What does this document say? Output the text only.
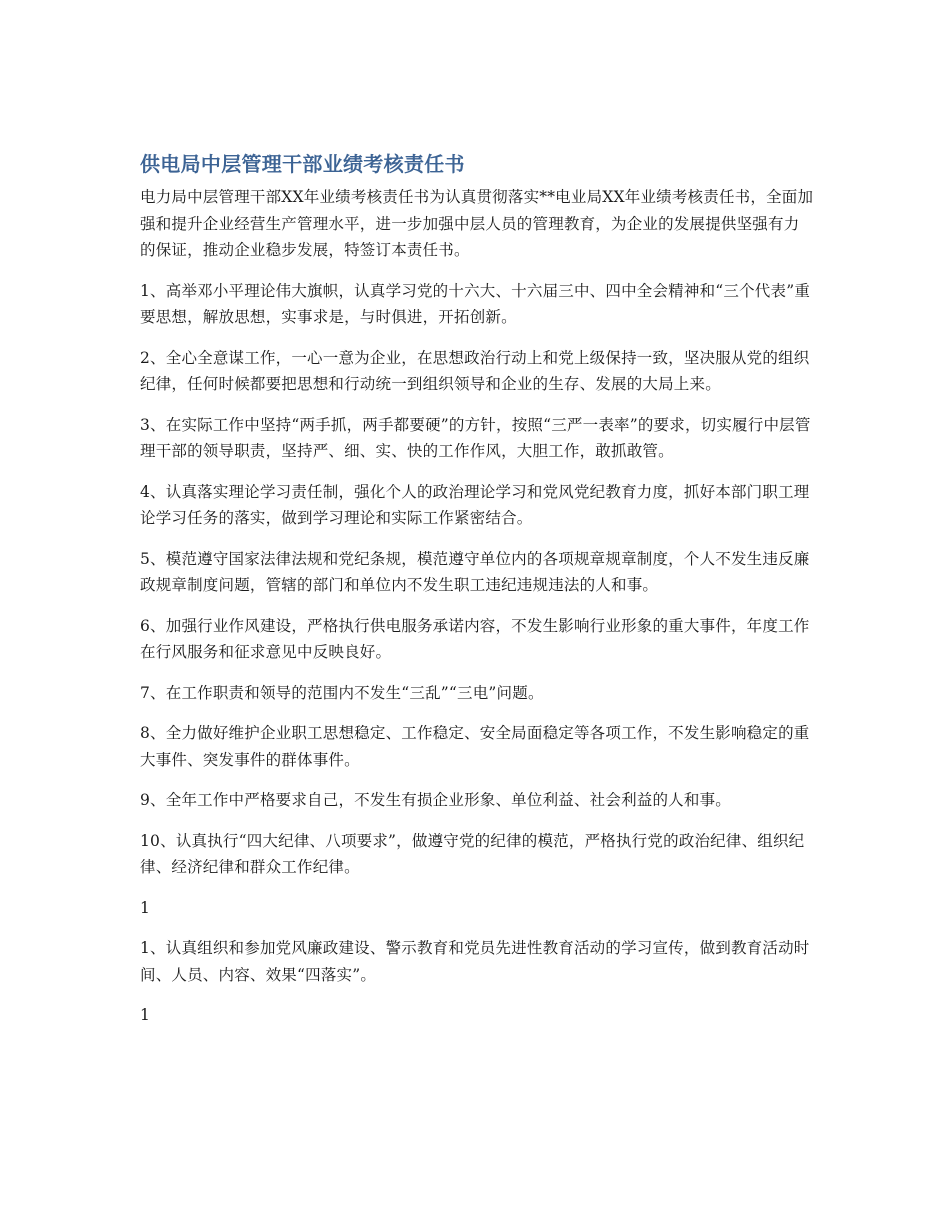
供电局中层管理干部业绩考核责任书

电力局中层管理干部XX年业绩考核责任书为认真贯彻落实**电业局XX年业绩考核责任书，全面加强和提升企业经营生产管理水平，进一步加强中层人员的管理教育，为企业的发展提供坚强有力的保证，推动企业稳步发展，特签订本责任书。

1、高举邓小平理论伟大旗帜，认真学习党的十六大、十六届三中、四中全会精神和“三个代表”重要思想，解放思想，实事求是，与时俱进，开拓创新。

2、全心全意谋工作，一心一意为企业，在思想政治行动上和党上级保持一致，坚决服从党的组织纪律，任何时候都要把思想和行动统一到组织领导和企业的生存、发展的大局上来。

3、在实际工作中坚持“两手抓，两手都要硬”的方针，按照“三严一表率”的要求，切实履行中层管理干部的领导职责，坚持严、细、实、快的工作作风，大胆工作，敢抓敢管。

4、认真落实理论学习责任制，强化个人的政治理论学习和党风党纪教育力度，抓好本部门职工理论学习任务的落实，做到学习理论和实际工作紧密结合。

5、模范遵守国家法律法规和党纪条规，模范遵守单位内的各项规章规章制度，个人不发生违反廉政规章制度问题，管辖的部门和单位内不发生职工违纪违规违法的人和事。

6、加强行业作风建设，严格执行供电服务承诺内容，不发生影响行业形象的重大事件，年度工作在行风服务和征求意见中反映良好。

7、在工作职责和领导的范围内不发生“三乱”“三电”问题。

8、全力做好维护企业职工思想稳定、工作稳定、安全局面稳定等各项工作，不发生影响稳定的重大事件、突发事件的群体事件。

9、全年工作中严格要求自己，不发生有损企业形象、单位利益、社会利益的人和事。

10、认真执行“四大纪律、八项要求”，做遵守党的纪律的模范，严格执行党的政治纪律、组织纪律、经济纪律和群众工作纪律。

1

1、认真组织和参加党风廉政建设、警示教育和党员先进性教育活动的学习宣传，做到教育活动时间、人员、内容、效果“四落实”。

1
